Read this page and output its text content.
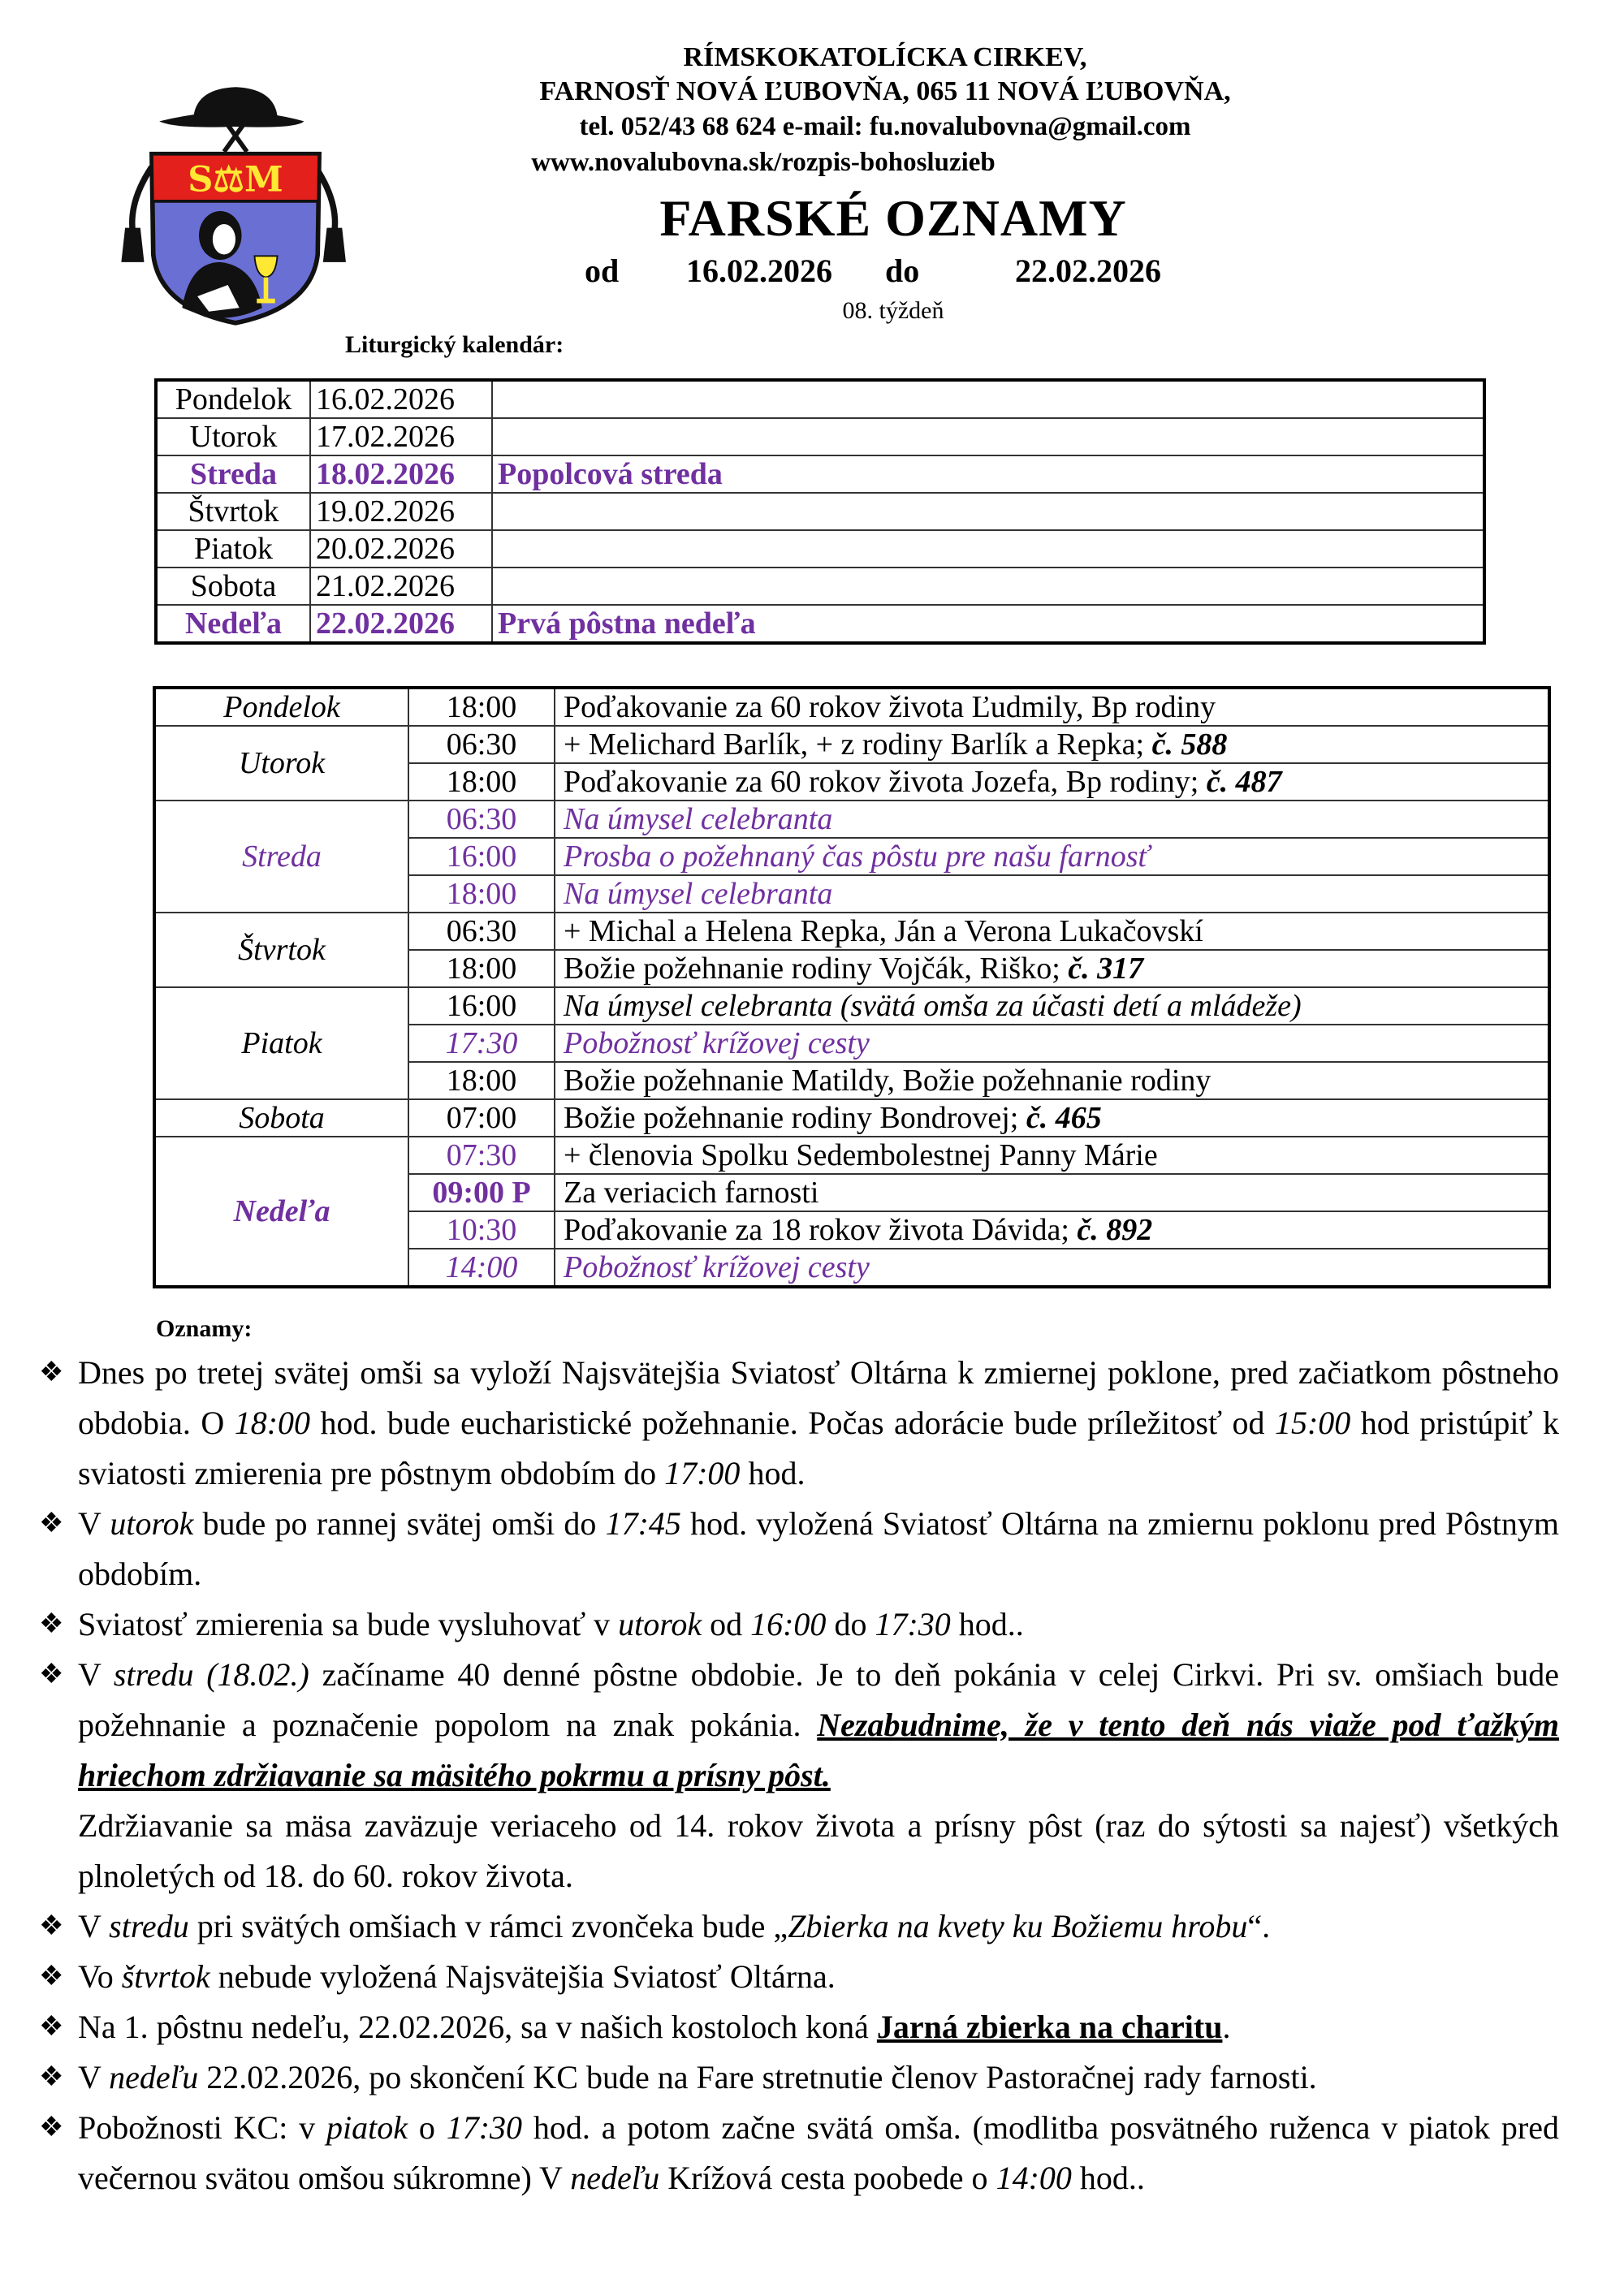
S⚖M
RÍMSKOKATOLÍCKA CIRKEV,
FARNOSŤ NOVÁ ĽUBOVŇA, 065 11 NOVÁ ĽUBOVŇA,
tel. 052/43 68 624 e-mail: fu.novalubovna@gmail.com
www.novalubovna.sk/rozpis-bohosluzieb
FARSKÉ OZNAMY
od 16.02.2026 do	22.02.2026
08. týždeň
Liturgický kalendár:
Pondelok	16.02.2026	
Utorok	17.02.2026	
Streda	18.02.2026	Popolcová streda
Štvrtok	19.02.2026	
Piatok	20.02.2026	
Sobota	21.02.2026	
Nedeľa	22.02.2026	Prvá pôstna nedeľa
Pondelok	18:00	Poďakovanie za 60 rokov života Ľudmily, Bp rodiny
Utorok	06:30	+ Melichard Barlík, + z rodiny Barlík a Repka; č. 588
	18:00	Poďakovanie za 60 rokov života Jozefa, Bp rodiny; č. 487
Streda	06:30	Na úmysel celebranta
	16:00	Prosba o požehnaný čas pôstu pre našu farnosť
	18:00	Na úmysel celebranta
Štvrtok	06:30	+ Michal a Helena Repka, Ján a Verona Lukačovskí
	18:00	Božie požehnanie rodiny Vojčák, Riško; č. 317
Piatok	16:00	Na úmysel celebranta (svätá omša za účasti detí a mládeže)
	17:30	Pobožnosť krížovej cesty
	18:00	Božie požehnanie Matildy, Božie požehnanie rodiny
Sobota	07:00	Božie požehnanie rodiny Bondrovej; č. 465
Nedeľa	07:30	+ členovia Spolku Sedembolestnej Panny Márie
	09:00 P	Za veriacich farnosti
	10:30	Poďakovanie za 18 rokov života Dávida; č. 892
	14:00	Pobožnosť krížovej cesty
Oznamy:
❖ Dnes po tretej svätej omši sa vyloží Najsvätejšia Sviatosť Oltárna k zmiernej poklone, pred začiatkom pôstneho obdobia. O 18:00 hod. bude eucharistické požehnanie. Počas adorácie bude príležitosť od 15:00 hod pristúpiť k sviatosti zmierenia pre pôstnym obdobím do 17:00 hod.
❖ V utorok bude po rannej svätej omši do 17:45 hod. vyložená Sviatosť Oltárna na zmiernu poklonu pred Pôstnym obdobím.
❖ Sviatosť zmierenia sa bude vysluhovať v utorok od 16:00 do 17:30 hod..
❖ V stredu (18.02.) začíname 40 denné pôstne obdobie. Je to deň pokánia v celej Cirkvi. Pri sv. omšiach bude požehnanie a poznačenie popolom na znak pokánia. Nezabudnime, že v tento deň nás viaže pod ťažkým hriechom zdržiavanie sa mäsitého pokrmu a prísny pôst.
Zdržiavanie sa mäsa zaväzuje veriaceho od 14. rokov života a prísny pôst (raz do sýtosti sa najesť) všetkých plnoletých od 18. do 60. rokov života.
❖ V stredu pri svätých omšiach v rámci zvončeka bude „Zbierka na kvety ku Božiemu hrobu“.
❖ Vo štvrtok nebude vyložená Najsvätejšia Sviatosť Oltárna.
❖ Na 1. pôstnu nedeľu, 22.02.2026, sa v našich kostoloch koná Jarná zbierka na charitu.
❖ V nedeľu 22.02.2026, po skončení KC bude na Fare stretnutie členov Pastoračnej rady farnosti.
❖ Pobožnosti KC: v piatok o 17:30 hod. a potom začne svätá omša. (modlitba posvätného ruženca v piatok pred večernou svätou omšou súkromne) V nedeľu Krížová cesta poobede o 14:00 hod..
